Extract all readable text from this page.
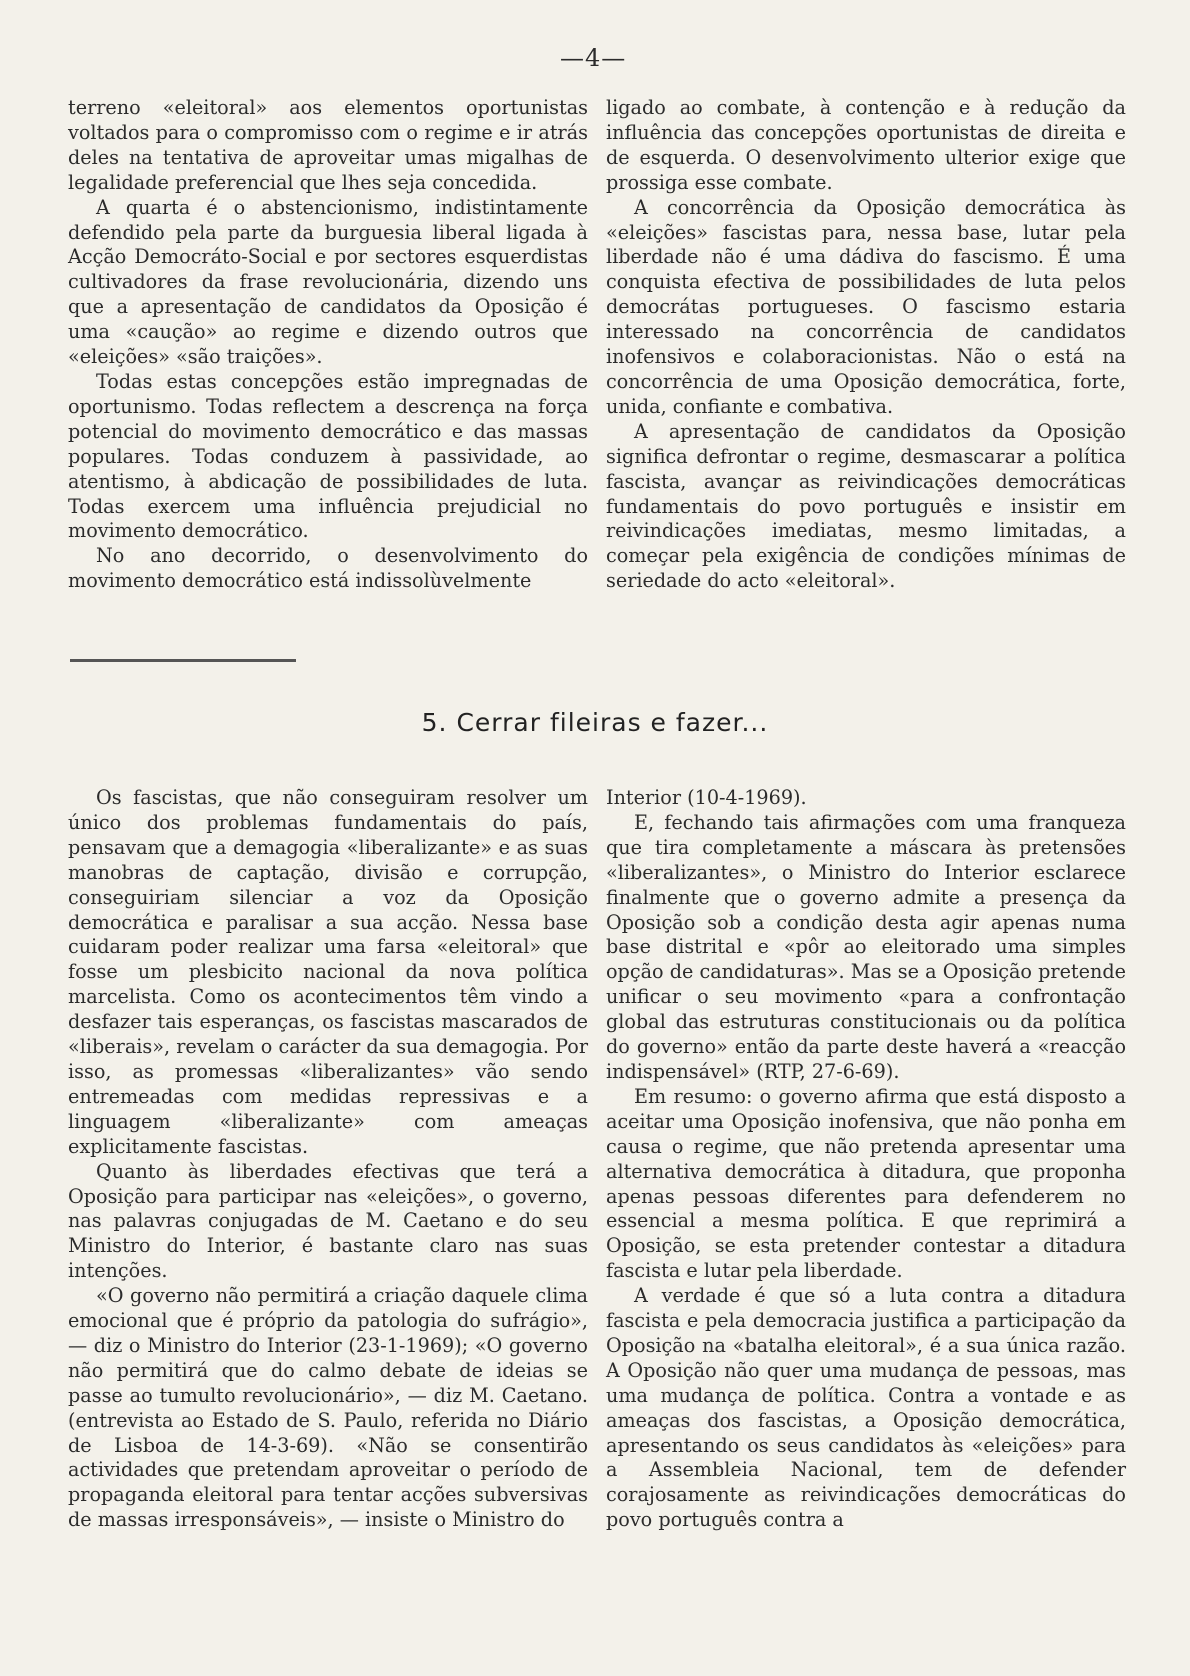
—4—

terreno «eleitoral» aos elementos oportunistas voltados para o compromisso com o regime e ir atrás deles na tentativa de aproveitar umas migalhas de legalidade preferencial que lhes seja concedida.

A quarta é o abstencionismo, indistintamente defendido pela parte da burguesia liberal ligada à Acção Democráto-Social e por sectores esquerdistas cultivadores da frase revolucionária, dizendo uns que a apresentação de candidatos da Oposição é uma «caução» ao regime e dizendo outros que «eleições» «são traições».

Todas estas concepções estão impregnadas de oportunismo. Todas reflectem a descrença na força potencial do movimento democrático e das massas populares. Todas conduzem à passividade, ao atentismo, à abdicação de possibilidades de luta. Todas exercem uma influência prejudicial no movimento democrático.

No ano decorrido, o desenvolvimento do movimento democrático está indissolùvelmente

ligado ao combate, à contenção e à redução da influência das concepções oportunistas de direita e de esquerda. O desenvolvimento ulterior exige que prossiga esse combate.

A concorrência da Oposição democrática às «eleições» fascistas para, nessa base, lutar pela liberdade não é uma dádiva do fascismo. É uma conquista efectiva de possibilidades de luta pelos democrátas portugueses. O fascismo estaria interessado na concorrência de candidatos inofensivos e colaboracionistas. Não o está na concorrência de uma Oposição democrática, forte, unida, confiante e combativa.

A apresentação de candidatos da Oposição significa defrontar o regime, desmascarar a política fascista, avançar as reivindicações democráticas fundamentais do povo português e insistir em reivindicações imediatas, mesmo limitadas, a começar pela exigência de condições mínimas de seriedade do acto «eleitoral».

5. Cerrar fileiras e fazer...

Os fascistas, que não conseguiram resolver um único dos problemas fundamentais do país, pensavam que a demagogia «liberalizante» e as suas manobras de captação, divisão e corrupção, conseguiriam silenciar a voz da Oposição democrática e paralisar a sua acção. Nessa base cuidaram poder realizar uma farsa «eleitoral» que fosse um plesbicito nacional da nova política marcelista. Como os acontecimentos têm vindo a desfazer tais esperanças, os fascistas mascarados de «liberais», revelam o carácter da sua demagogia. Por isso, as promessas «liberalizantes» vão sendo entremeadas com medidas repressivas e a linguagem «liberalizante» com ameaças explicitamente fascistas.

Quanto às liberdades efectivas que terá a Oposição para participar nas «eleições», o governo, nas palavras conjugadas de M. Caetano e do seu Ministro do Interior, é bastante claro nas suas intenções.

«O governo não permitirá a criação daquele clima emocional que é próprio da patologia do sufrágio», — diz o Ministro do Interior (23-1-1969); «O governo não permitirá que do calmo debate de ideias se passe ao tumulto revolucionário», — diz M. Caetano. (entrevista ao Estado de S. Paulo, referida no Diário de Lisboa de 14-3-69). «Não se consentirão actividades que pretendam aproveitar o período de propaganda eleitoral para tentar acções subversivas de massas irresponsáveis», — insiste o Ministro do

Interior (10-4-1969).

E, fechando tais afirmações com uma franqueza que tira completamente a máscara às pretensões «liberalizantes», o Ministro do Interior esclarece finalmente que o governo admite a presença da Oposição sob a condição desta agir apenas numa base distrital e «pôr ao eleitorado uma simples opção de candidaturas». Mas se a Oposição pretende unificar o seu movimento «para a confrontação global das estruturas constitucionais ou da política do governo» então da parte deste haverá a «reacção indispensável» (RTP, 27-6-69).

Em resumo: o governo afirma que está disposto a aceitar uma Oposição inofensiva, que não ponha em causa o regime, que não pretenda apresentar uma alternativa democrática à ditadura, que proponha apenas pessoas diferentes para defenderem no essencial a mesma política. E que reprimirá a Oposição, se esta pretender contestar a ditadura fascista e lutar pela liberdade.

A verdade é que só a luta contra a ditadura fascista e pela democracia justifica a participação da Oposição na «batalha eleitoral», é a sua única razão. A Oposição não quer uma mudança de pessoas, mas uma mudança de política. Contra a vontade e as ameaças dos fascistas, a Oposição democrática, apresentando os seus candidatos às «eleições» para a Assembleia Nacional, tem de defender corajosamente as reivindicações democráticas do povo português contra a
